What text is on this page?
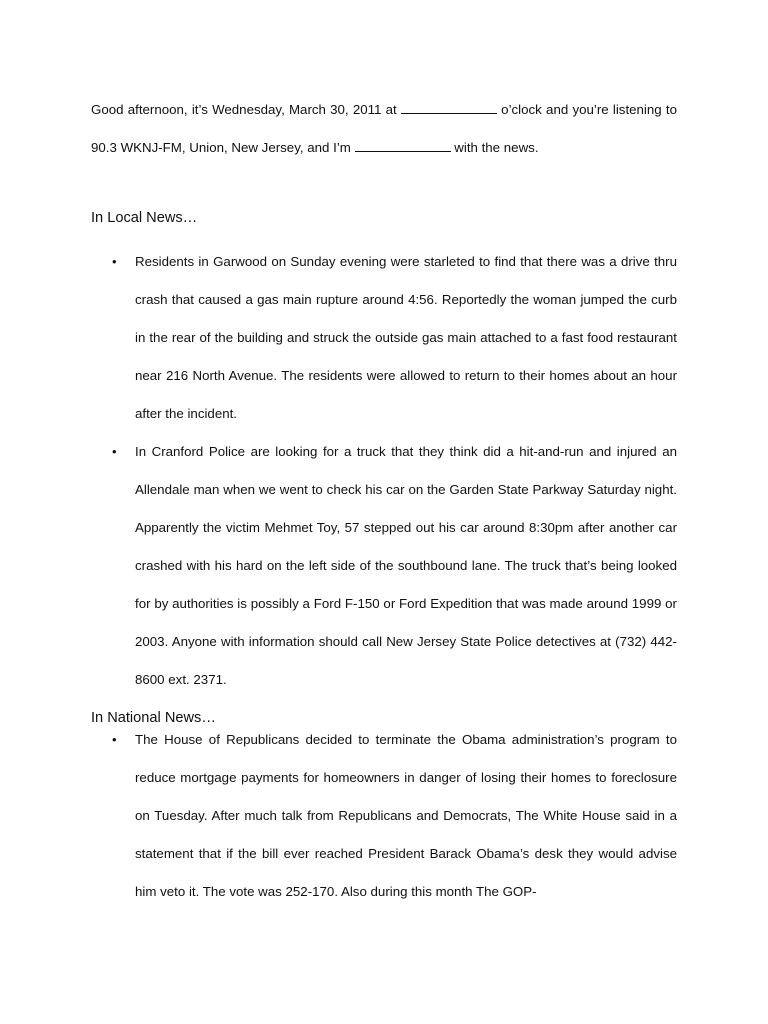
Good afternoon, it’s Wednesday, March 30, 2011 at	o’clock and you’re listening to 90.3 WKNJ-FM, Union, New Jersey, and I’m	with the news.

In Local News…
• Residents in Garwood on Sunday evening were starleted to find that there was a drive thru crash that caused a gas main rupture around 4:56. Reportedly the woman jumped the curb in the rear of the building and struck the outside gas main attached to a fast food restaurant near 216 North Avenue. The residents were allowed to return to their homes about an hour after the incident.
• In Cranford Police are looking for a truck that they think did a hit-and-run and injured an Allendale man when we went to check his car on the Garden State Parkway Saturday night. Apparently the victim Mehmet Toy, 57 stepped out his car around 8:30pm after another car crashed with his hard on the left side of the southbound lane. The truck that’s being looked for by authorities is possibly a Ford F-150 or Ford Expedition that was made around 1999 or 2003. Anyone with information should call New Jersey State Police detectives at (732) 442-8600 ext. 2371.
In National News…
• The House of Republicans decided to terminate the Obama administration’s program to reduce mortgage payments for homeowners in danger of losing their homes to foreclosure on Tuesday. After much talk from Republicans and Democrats, The White House said in a statement that if the bill ever reached President Barack Obama’s desk they would advise him veto it. The vote was 252-170. Also during this month The GOP-
